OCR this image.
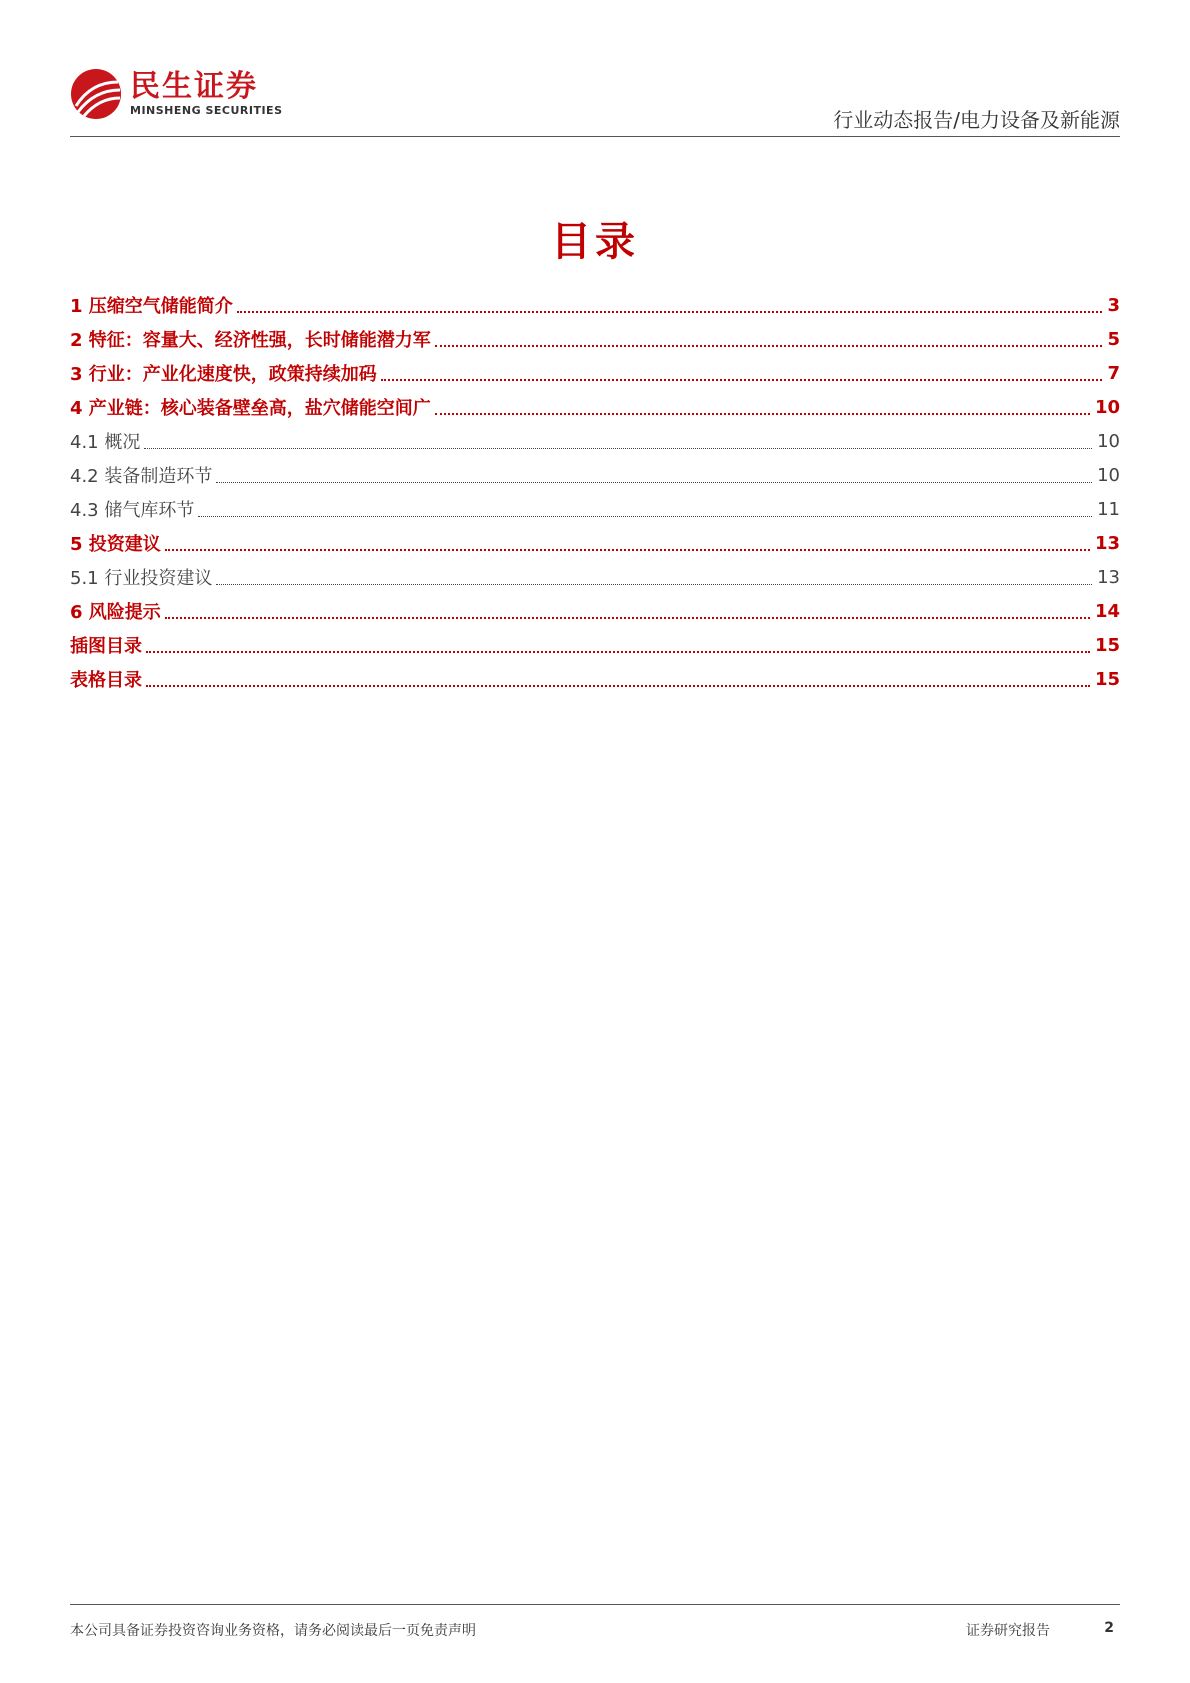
民生证券
MINSHENG SECURITIES	行业动态报告/电力设备及新能源
目录
1 压缩空气储能简介	3
2 特征：容量大、经济性强，长时储能潜力军	5
3 行业：产业化速度快，政策持续加码	7
4 产业链：核心装备壁垒高，盐穴储能空间广	10
4.1 概况	10
4.2 装备制造环节	10
4.3 储气库环节	11
5 投资建议	13
5.1 行业投资建议	13
6 风险提示	14
插图目录	15
表格目录	15
本公司具备证券投资咨询业务资格，请务必阅读最后一页免责声明	证券研究报告	2
